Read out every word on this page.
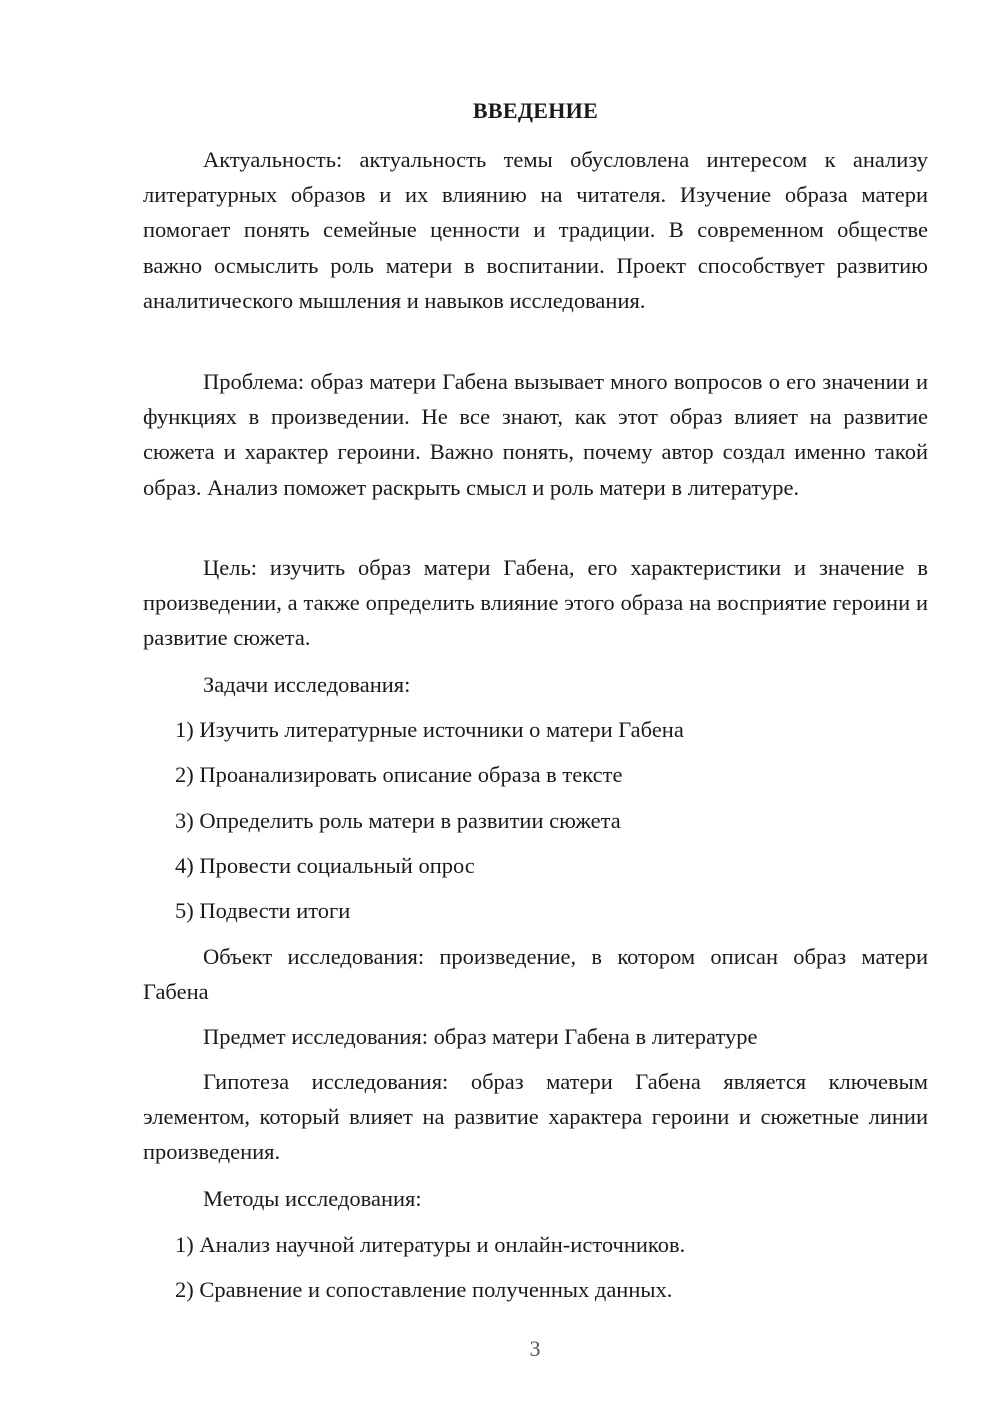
ВВЕДЕНИЕ

Актуальность: актуальность темы обусловлена интересом к анализу литературных образов и их влиянию на читателя. Изучение образа матери помогает понять семейные ценности и традиции. В современном обществе важно осмыслить роль матери в воспитании. Проект способствует развитию аналитического мышления и навыков исследования.

Проблема: образ матери Габена вызывает много вопросов о его значении и функциях в произведении. Не все знают, как этот образ влияет на развитие сюжета и характер героини. Важно понять, почему автор создал именно такой образ. Анализ поможет раскрыть смысл и роль матери в литературе.

Цель: изучить образ матери Габена, его характеристики и значение в произведении, а также определить влияние этого образа на восприятие героини и развитие сюжета.

Задачи исследования:

1) Изучить литературные источники о матери Габена

2) Проанализировать описание образа в тексте

3) Определить роль матери в развитии сюжета

4) Провести социальный опрос

5) Подвести итоги

Объект исследования: произведение, в котором описан образ матери Габена

Предмет исследования: образ матери Габена в литературе

Гипотеза исследования: образ матери Габена является ключевым элементом, который влияет на развитие характера героини и сюжетные линии произведения.

Методы исследования:

1) Анализ научной литературы и онлайн-источников.

2) Сравнение и сопоставление полученных данных.

3
